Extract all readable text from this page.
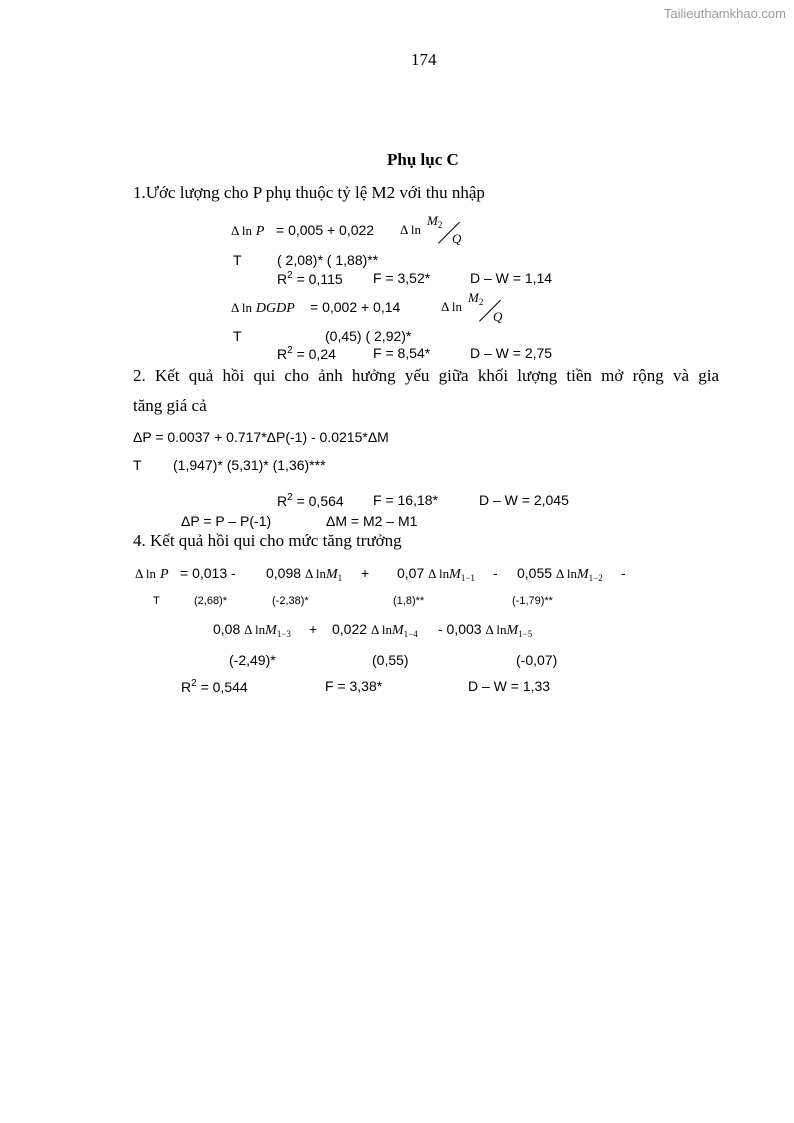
Tailieuthamkhao.com
174
Phụ lục C
1.Ước lượng cho P phụ thuộc tỷ lệ M2 với thu nhập
Δ ln P = 0,005 + 0,022 Δ ln
$M_2$
Q
T	( 2,08)* ( 1,88)**
$R^2 = 0,115$ F = 3,52*	D – W = 1,14
Δ ln DGDP = 0,002 + 0,14	Δ ln
$M_2$
Q
T	(0,45) ( 2,92)*
$R^2 = 0,24$	F = 8,54*	D – W = 2,75
2. Kết quả hồi qui cho ảnh hưởng yếu giữa khối lượng tiền mở rộng và gia
tăng giá cả
ΔP = 0.0037 + 0.717*ΔP(-1) - 0.0215*ΔM
T (1,947)* (5,31)* (1,36)***
$R^2 = 0,564$ F = 16,18*	D – W = 2,045
ΔP = P – P(-1)	ΔM = M2 – M1
4. Kết quả hồi qui cho mức tăng trưởng
Δ ln P = 0,013 - 0,098 Δ lnM$_1$ + 0,07 Δ lnM$_{1-1}$ - 0,055 Δ lnM$_{1-2}$ -
T	(2,68)*	(-2,38)*	(1,8)**	(-1,79)**
0,08 Δ lnM$_{1-3}$ + 0,022 Δ lnM$_{1-4}$ - 0,003 Δ lnM$_{1-5}$
(-2,49)*	(0,55)	(-0,07)
$R^2 = 0,544$	F = 3,38*	D – W = 1,33
